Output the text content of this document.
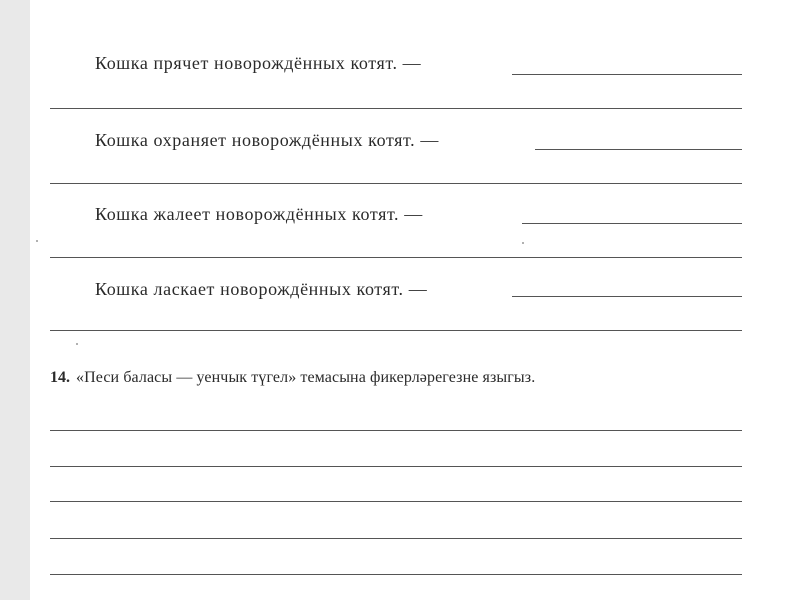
Кошка прячет новорождённых котят. —
Кошка охраняет новорождённых котят. —
Кошка жалеет новорождённых котят. —
Кошка ласкает новорождённых котят. —
14. «Песи баласы — уенчык түгел» темасына фикерләрегезне языгыз.
